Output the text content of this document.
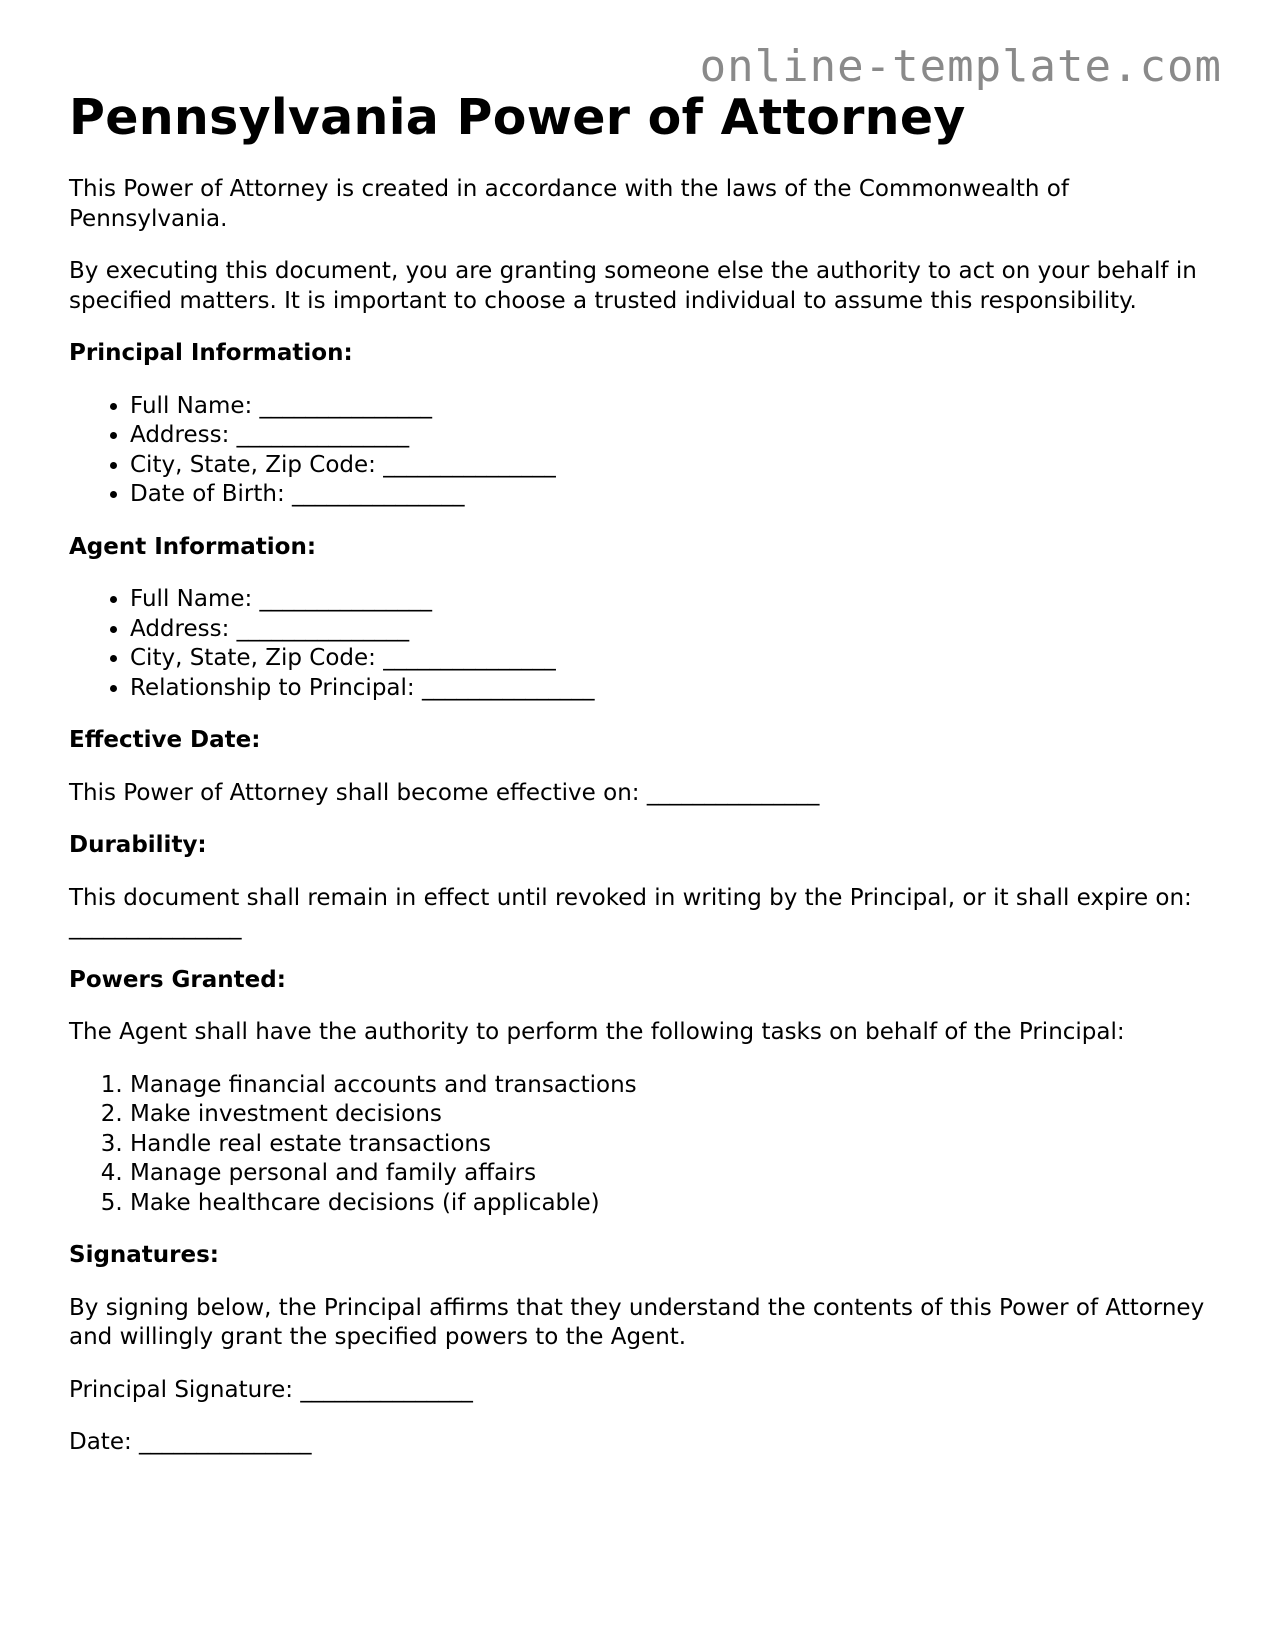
online-template.com
Pennsylvania Power of Attorney

This Power of Attorney is created in accordance with the laws of the Commonwealth of Pennsylvania.

By executing this document, you are granting someone else the authority to act on your behalf in specified matters. It is important to choose a trusted individual to assume this responsibility.

Principal Information:

• Full Name: _______________
• Address: _______________
• City, State, Zip Code: _______________
• Date of Birth: _______________

Agent Information:

• Full Name: _______________
• Address: _______________
• City, State, Zip Code: _______________
• Relationship to Principal: _______________

Effective Date:

This Power of Attorney shall become effective on: _______________

Durability:

This document shall remain in effect until revoked in writing by the Principal, or it shall expire on: _______________

Powers Granted:

The Agent shall have the authority to perform the following tasks on behalf of the Principal:

1. Manage financial accounts and transactions
2. Make investment decisions
3. Handle real estate transactions
4. Manage personal and family affairs
5. Make healthcare decisions (if applicable)

Signatures:

By signing below, the Principal affirms that they understand the contents of this Power of Attorney and willingly grant the specified powers to the Agent.

Principal Signature: _______________

Date: _______________
